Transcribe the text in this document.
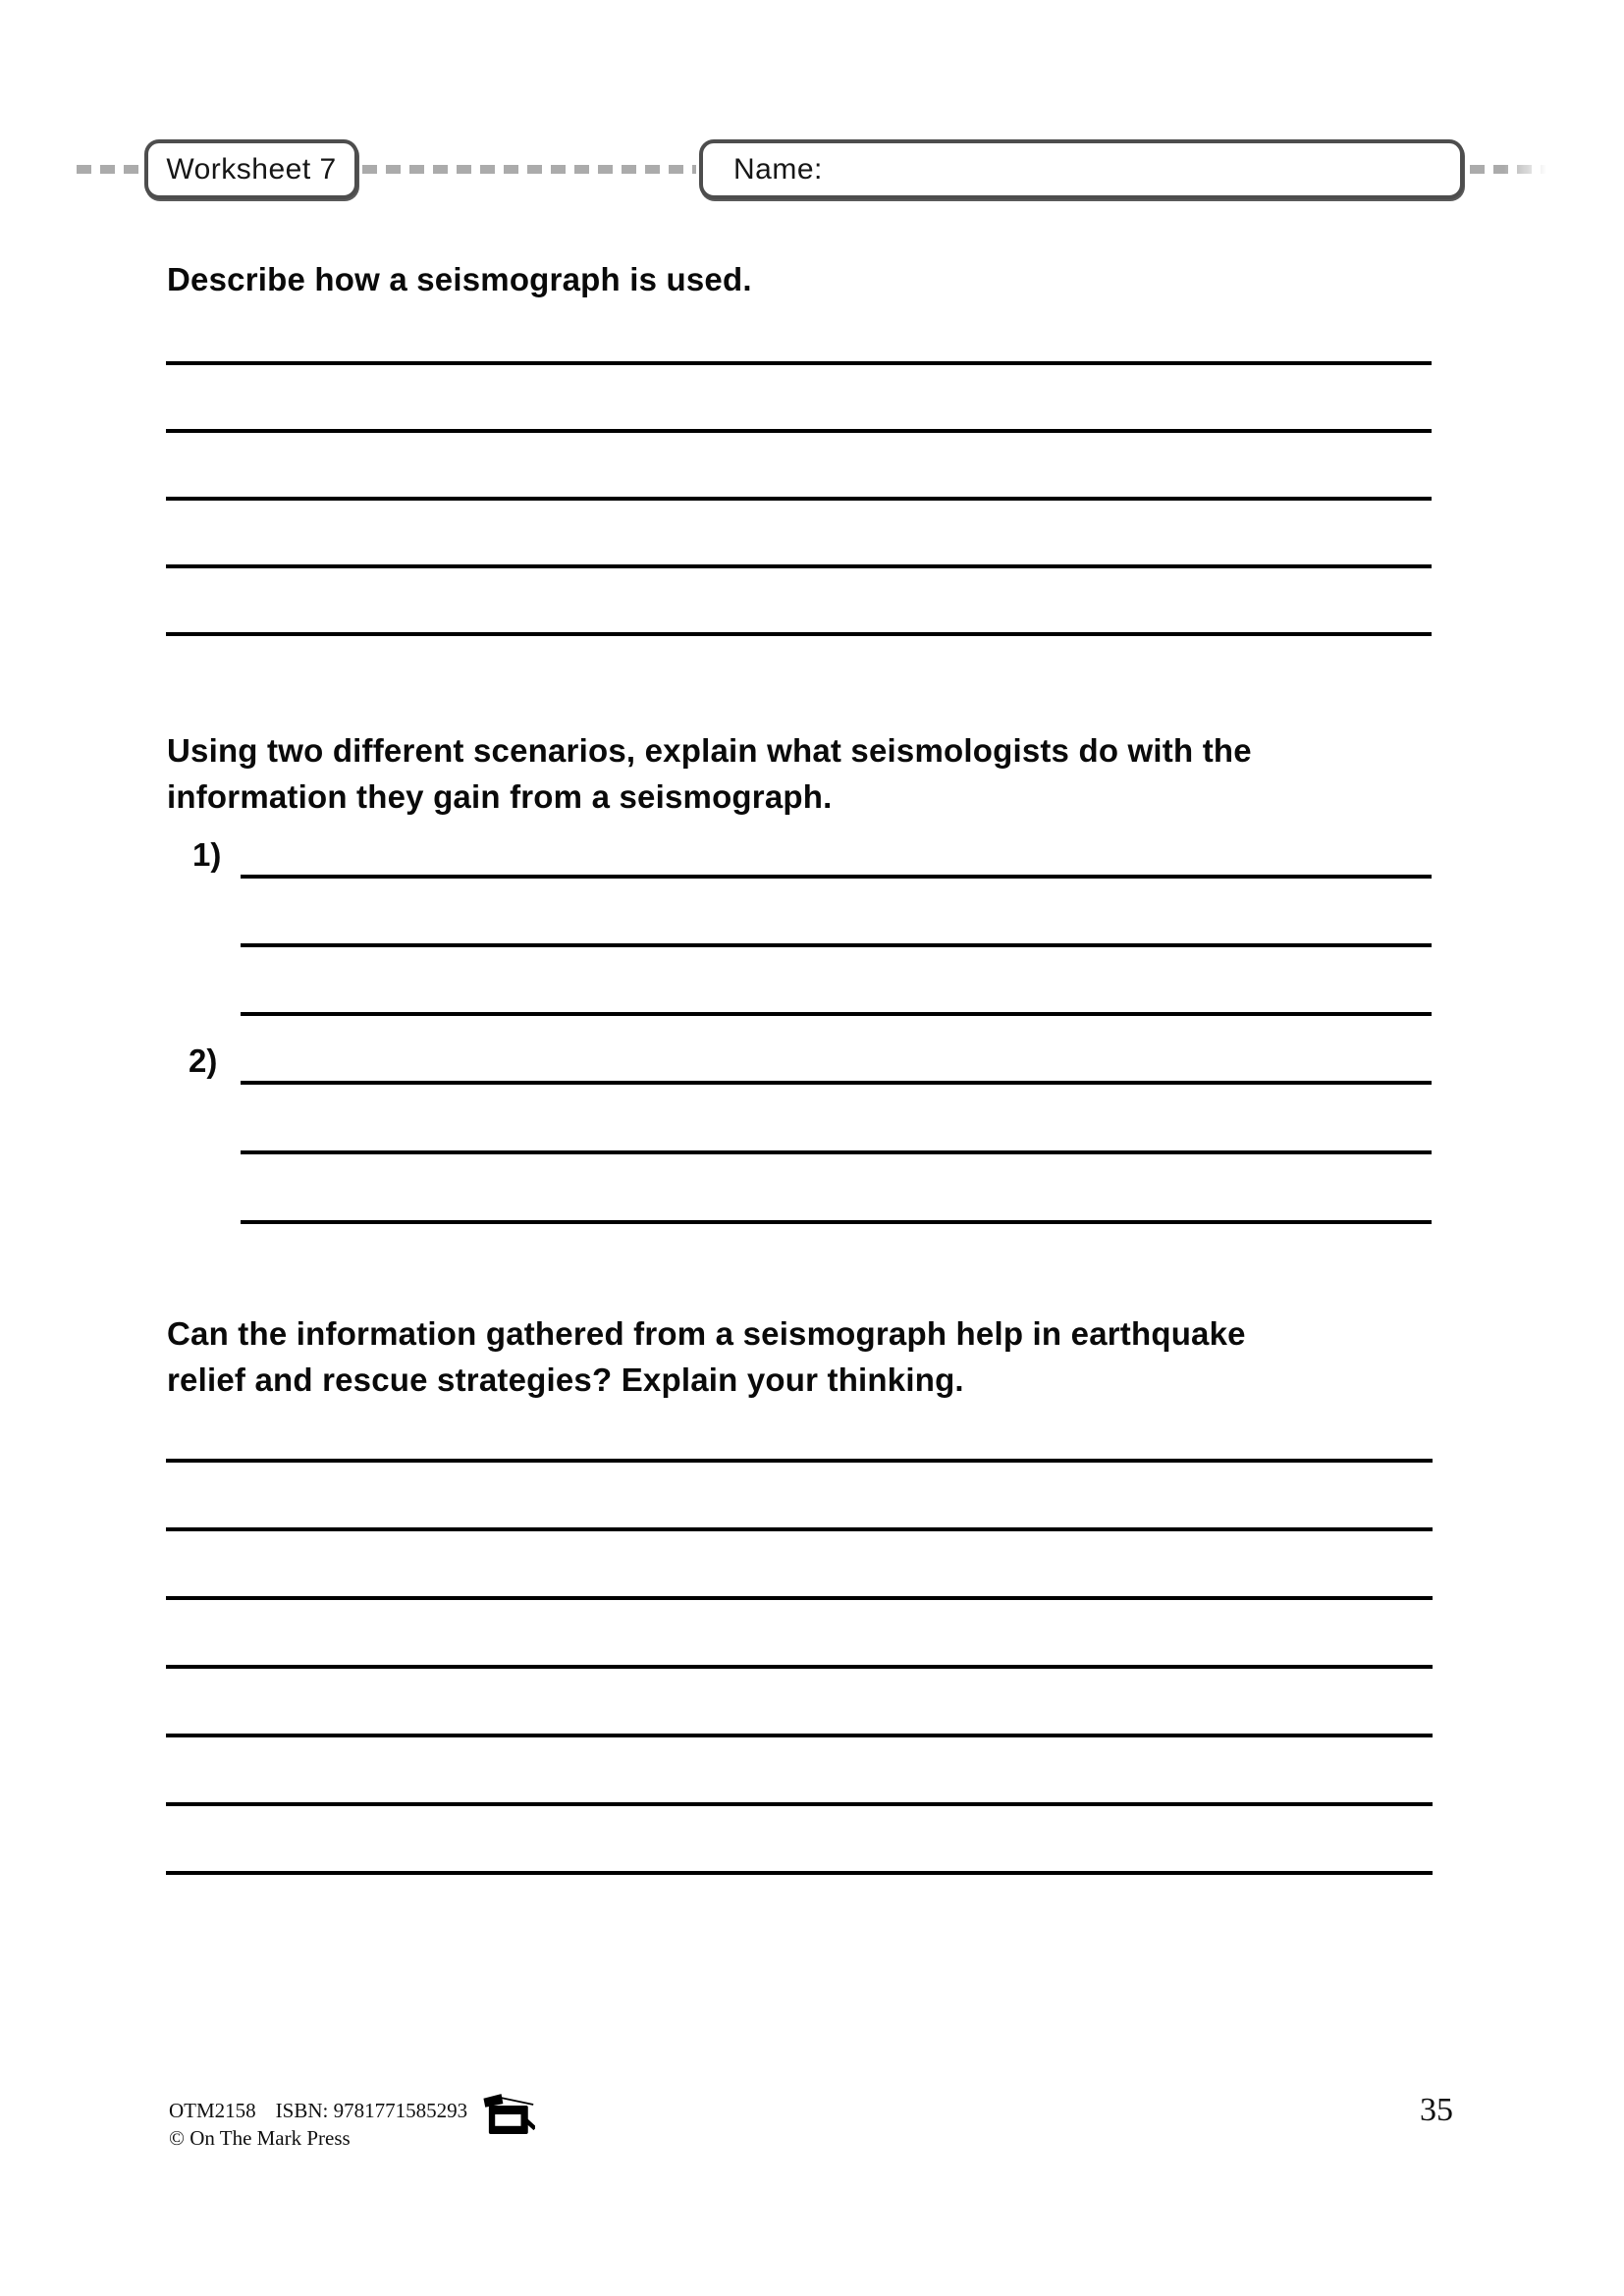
Worksheet 7	Name:
Describe how a seismograph is used.
Using two different scenarios, explain what seismologists do with the
information they gain from a seismograph.
1)
2)
Can the information gathered from a seismograph help in earthquake
relief and rescue strategies? Explain your thinking.
OTM2158 ISBN: 9781771585293
© On The Mark Press
35
